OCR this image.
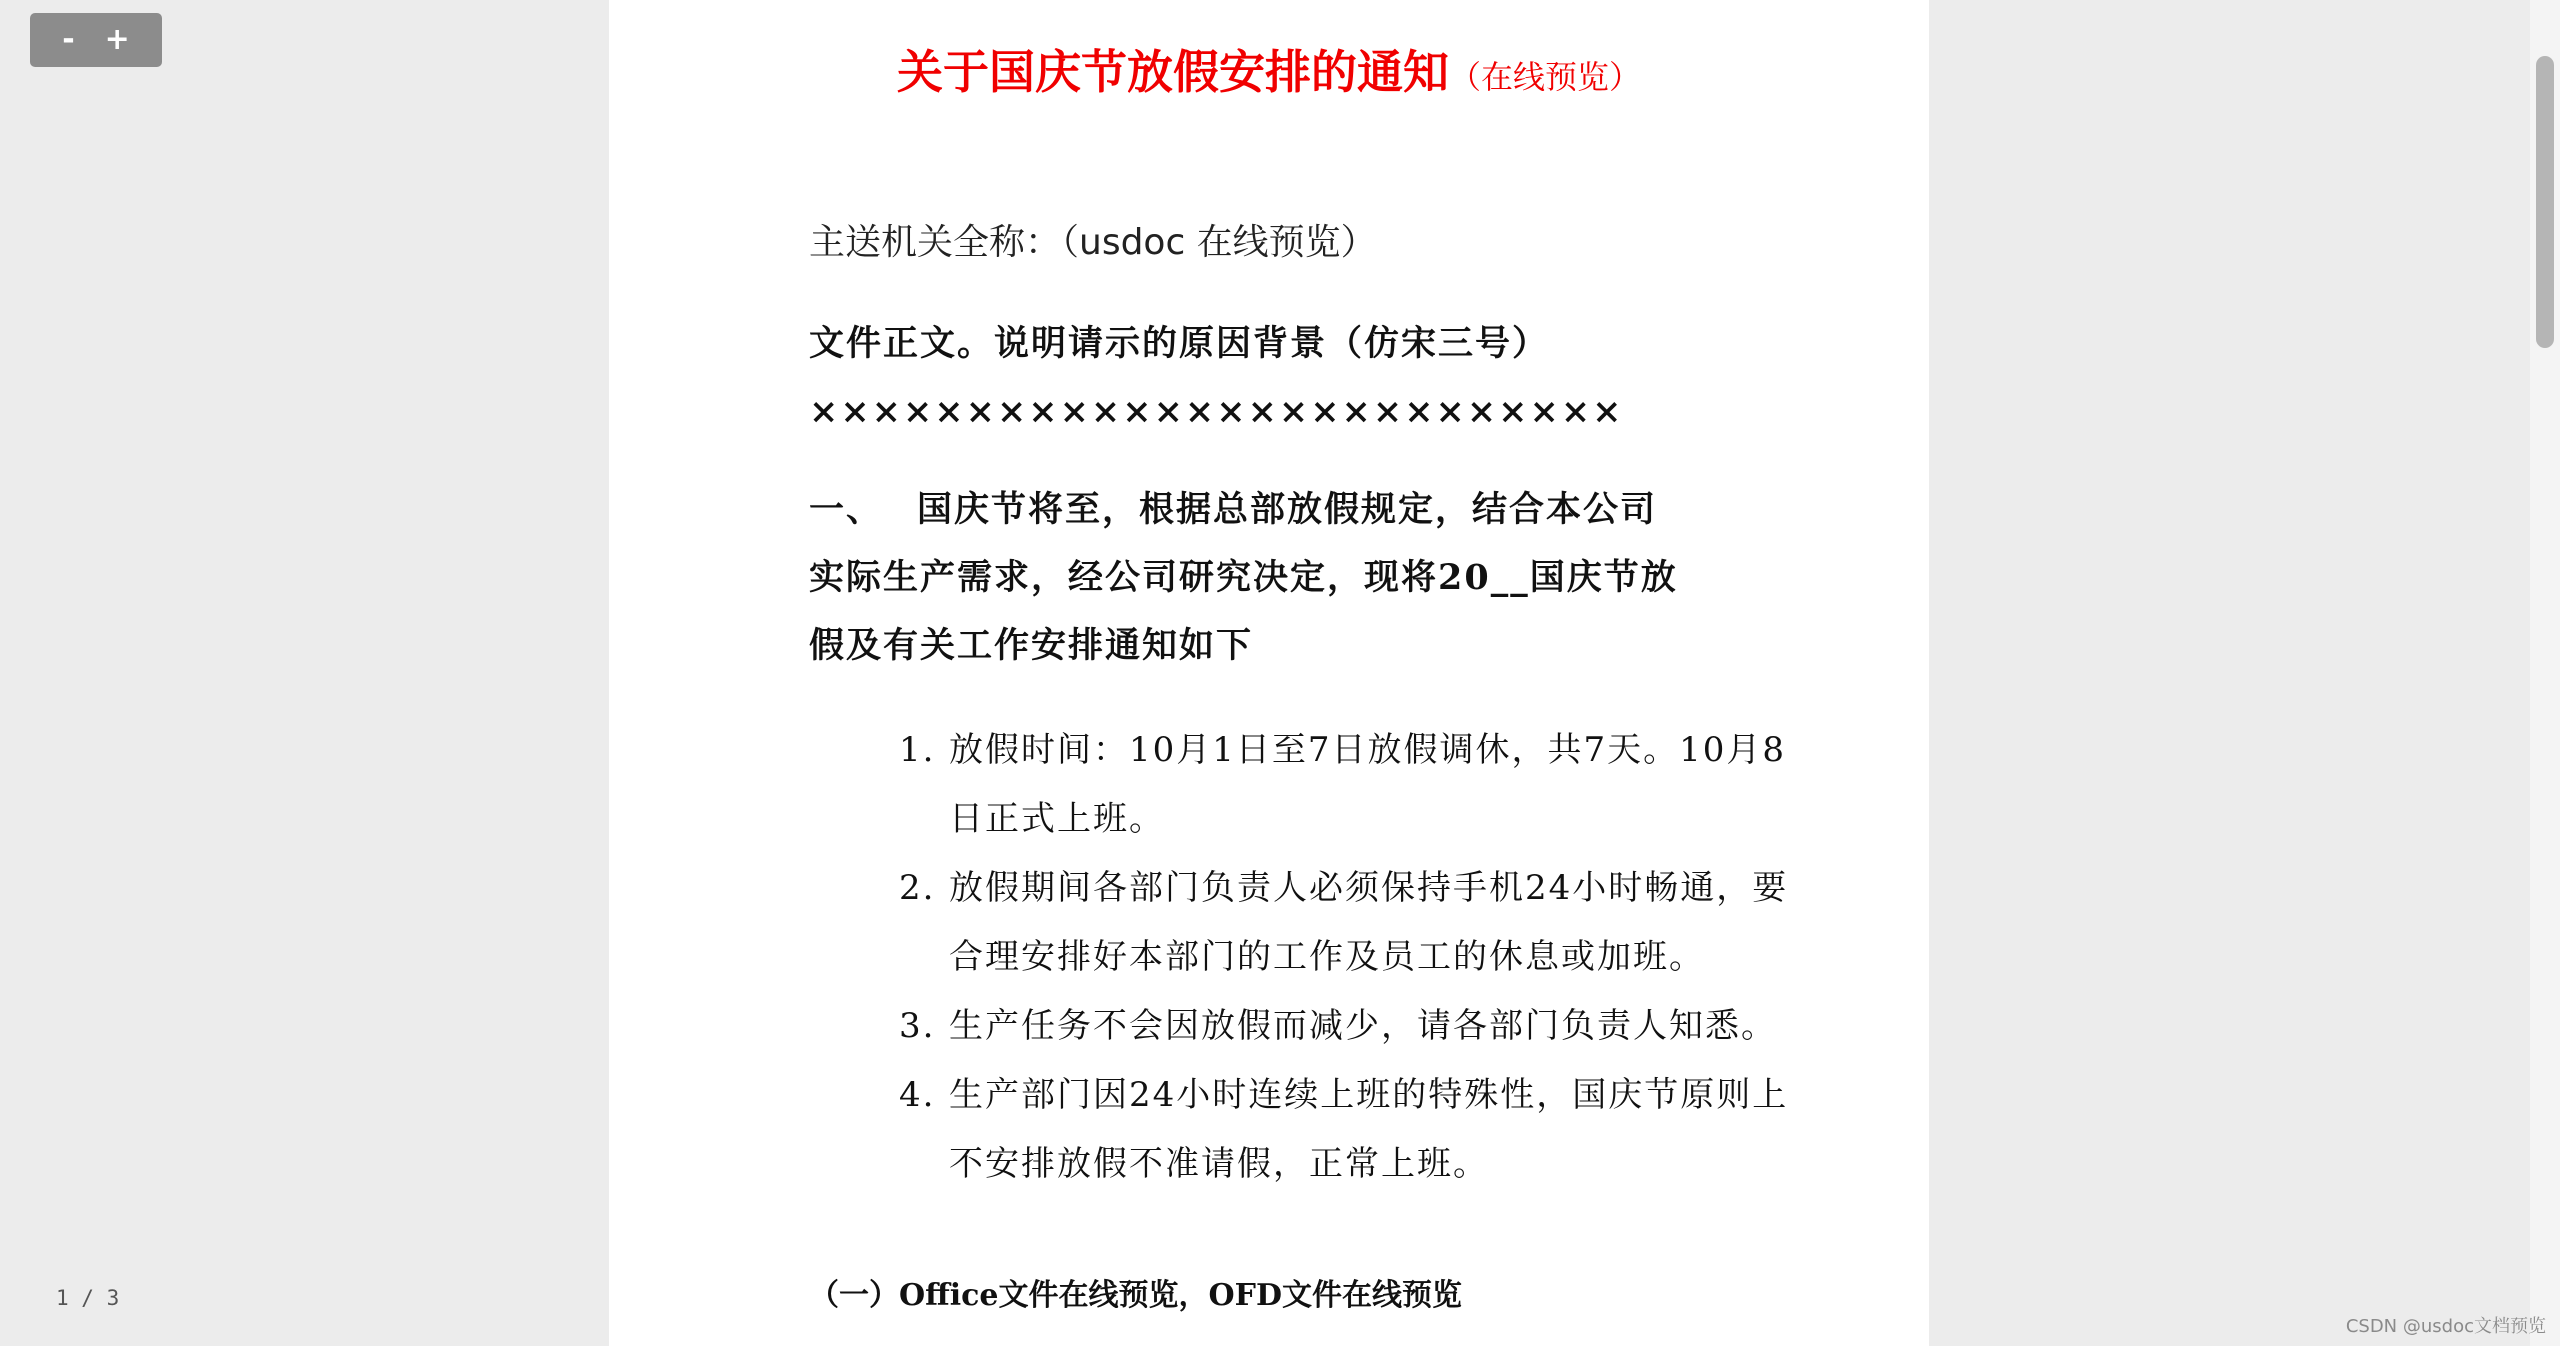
- +
1 / 3
关于国庆节放假安排的通知（在线预览）
主送机关全称：（usdoc 在线预览）
文件正文。说明请示的原因背景（仿宋三号）××××××××××××××××××××××××××
一、 国庆节将至，根据总部放假规定，结合本公司实际生产需求，经公司研究决定，现将20__国庆节放假及有关工作安排通知如下
1. 放假时间：10月1日至7日放假调休，共7天。10月8日正式上班。
2. 放假期间各部门负责人必须保持手机24小时畅通，要合理安排好本部门的工作及员工的休息或加班。
3. 生产任务不会因放假而减少，请各部门负责人知悉。
4. 生产部门因24小时连续上班的特殊性，国庆节原则上不安排放假不准请假，正常上班。
（一）Office文件在线预览，OFD文件在线预览
CSDN @usdoc文档预览
